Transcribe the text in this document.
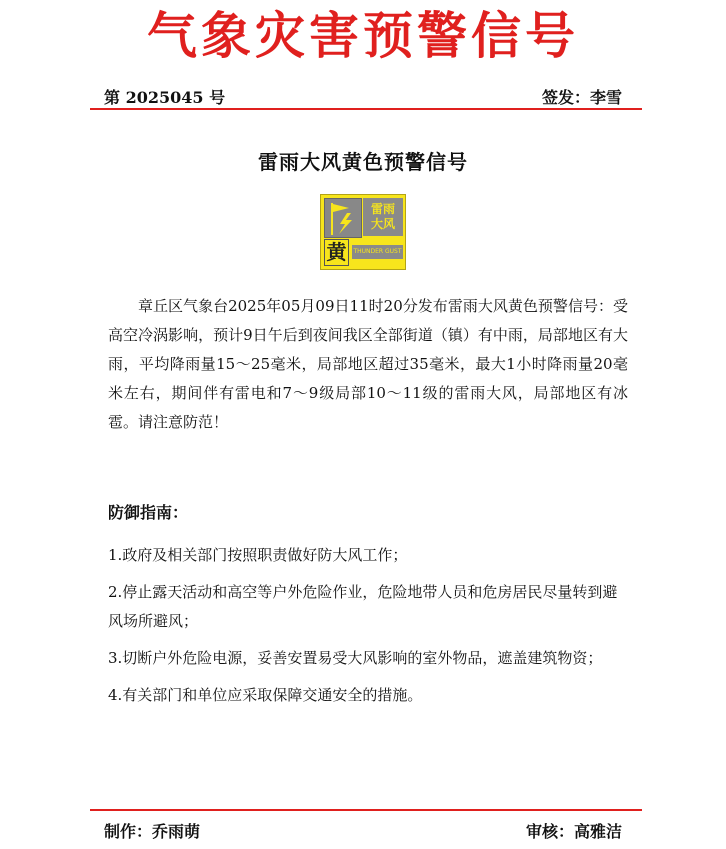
气象灾害预警信号
第 2025045 号	签发：李雪
雷雨大风黄色预警信号
雷雨
大风
黄	THUNDER GUST
章丘区气象台2025年05月09日11时20分发布雷雨大风黄色预警信号：受高空冷涡影响，预计9日午后到夜间我区全部街道（镇）有中雨，局部地区有大雨，平均降雨量15～25毫米，局部地区超过35毫米，最大1小时降雨量20毫米左右，期间伴有雷电和7～9级局部10～11级的雷雨大风，局部地区有冰雹。请注意防范！
防御指南：
1.政府及相关部门按照职责做好防大风工作；
2.停止露天活动和高空等户外危险作业，危险地带人员和危房居民尽量转到避风场所避风；
3.切断户外危险电源，妥善安置易受大风影响的室外物品，遮盖建筑物资；
4.有关部门和单位应采取保障交通安全的措施。
制作：乔雨萌	审核：高雅洁
